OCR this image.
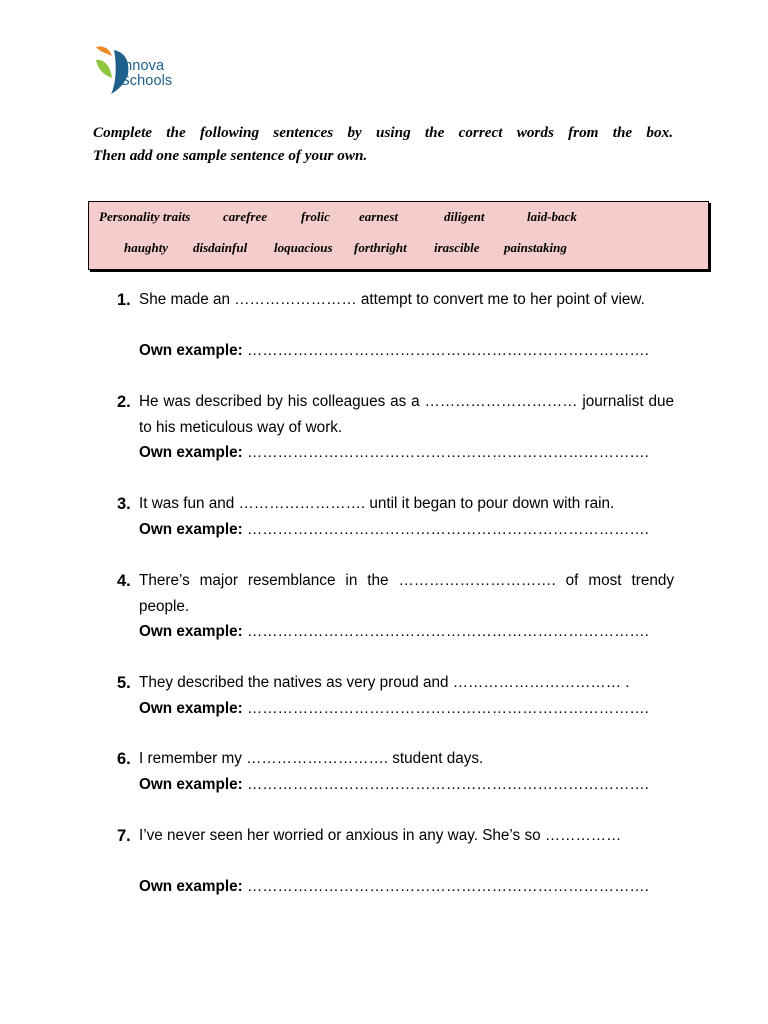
Innova
Schools
Complete the following sentences by using the correct words from the box.
Then add one sample sentence of your own.
Personality traits	carefree	frolic earnest	diligent	laid-back
haughty disdainful loquacious forthright irascible painstaking
1. She made an …………………… attempt to convert me to her point of view.
Own example: …………………………………………………………………….
2. He was described by his colleagues as a ………………………… journalist due to his meticulous way of work.
Own example: …………………………………………………………………….
3. It was fun and ……………………. until it began to pour down with rain.
Own example: …………………………………………………………………….
4. There’s major resemblance in the …………………………. of most trendy people.
Own example: …………………………………………………………………….
5. They described the natives as very proud and …………………………… .
Own example: …………………………………………………………………….
6. I remember my ………………………. student days.
Own example: …………………………………………………………………….
7. I’ve never seen her worried or anxious in any way. She’s so ……………
Own example: …………………………………………………………………….
